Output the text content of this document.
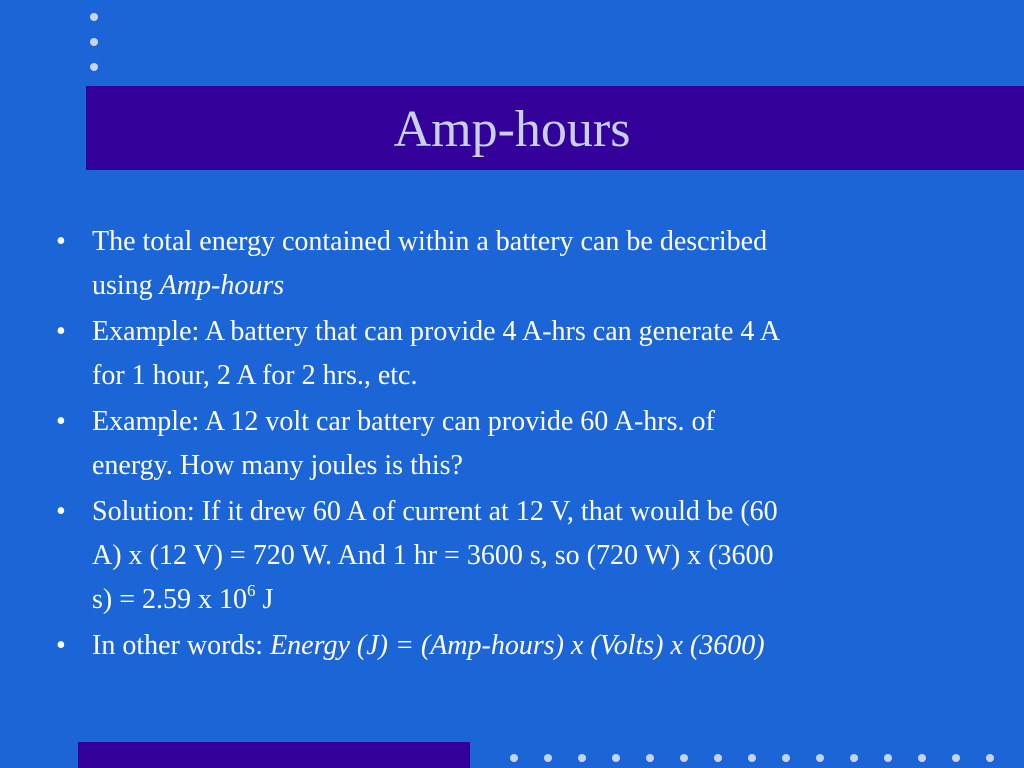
Amp-hours
• The total energy contained within a battery can be described
using Amp-hours
• Example: A battery that can provide 4 A-hrs can generate 4 A
for 1 hour, 2 A for 2 hrs., etc.
• Example: A 12 volt car battery can provide 60 A-hrs. of
energy. How many joules is this?
• Solution: If it drew 60 A of current at 12 V, that would be (60
A) x (12 V) = 720 W. And 1 hr = 3600 s, so (720 W) x (3600
s) = 2.59 x $10^6$ J
• In other words: Energy (J) = (Amp-hours) x (Volts) x (3600)
